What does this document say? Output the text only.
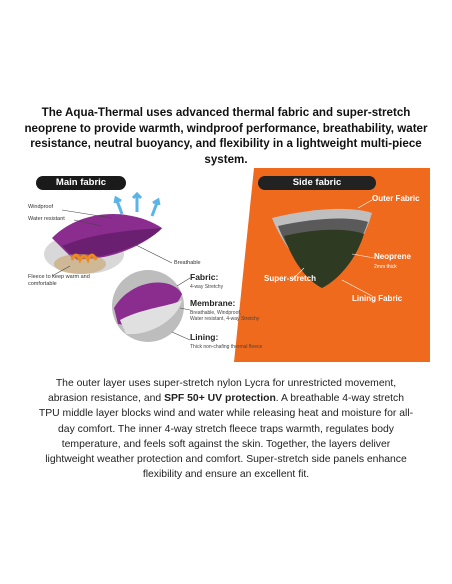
The Aqua-Thermal uses advanced thermal fabric and super-stretch neoprene to provide warmth, windproof performance, breathability, water resistance, neutral buoyancy, and flexibility in a lightweight multi-piece system.
Main fabric	Side fabric
Windproof
Water resistant
Breathable
Fleece to keep warm and comfortable
Fabric:
4-way Stretchy
Membrane:
Breathable, Windproof,
Water resistant, 4-way Stretchy
Lining:
Thick non-chafing thermal fleece
Outer Fabric
Neoprene
2mm thick
Super-stretch
Lining Fabric
The outer layer uses super-stretch nylon Lycra for unrestricted movement, abrasion resistance, and SPF 50+ UV protection. A breathable 4-way stretch TPU middle layer blocks wind and water while releasing heat and moisture for all-day comfort. The inner 4-way stretch fleece traps warmth, regulates body temperature, and feels soft against the skin. Together, the layers deliver lightweight weather protection and comfort. Super-stretch side panels enhance flexibility and ensure an excellent fit.
